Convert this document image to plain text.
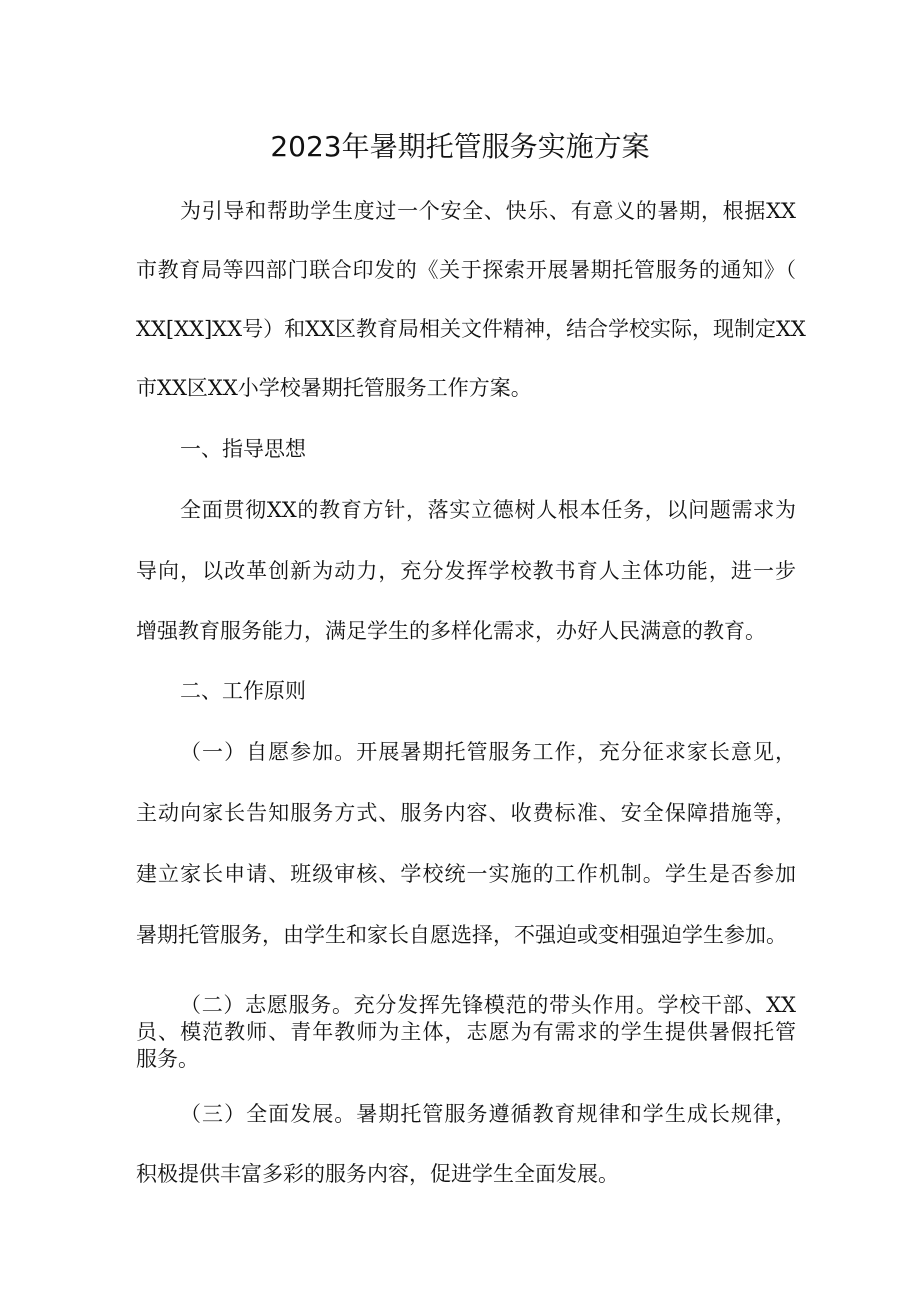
2023年暑期托管服务实施方案
为引导和帮助学生度过一个安全、快乐、有意义的暑期，根据XX
市教育局等四部门联合印发的《关于探索开展暑期托管服务的通知》（
XX[XX]XX号）和XX区教育局相关文件精神，结合学校实际，现制定XX
市XX区XX小学校暑期托管服务工作方案。
一、指导思想
全面贯彻XX的教育方针，落实立德树人根本任务，以问题需求为
导向，以改革创新为动力，充分发挥学校教书育人主体功能，进一步
增强教育服务能力，满足学生的多样化需求，办好人民满意的教育。
二、工作原则
（一）自愿参加。开展暑期托管服务工作，充分征求家长意见，
主动向家长告知服务方式、服务内容、收费标准、安全保障措施等，
建立家长申请、班级审核、学校统一实施的工作机制。学生是否参加
暑期托管服务，由学生和家长自愿选择，不强迫或变相强迫学生参加。
（二）志愿服务。充分发挥先锋模范的带头作用。学校干部、XX
员、模范教师、青年教师为主体，志愿为有需求的学生提供暑假托管
服务。
（三）全面发展。暑期托管服务遵循教育规律和学生成长规律，
积极提供丰富多彩的服务内容，促进学生全面发展。
